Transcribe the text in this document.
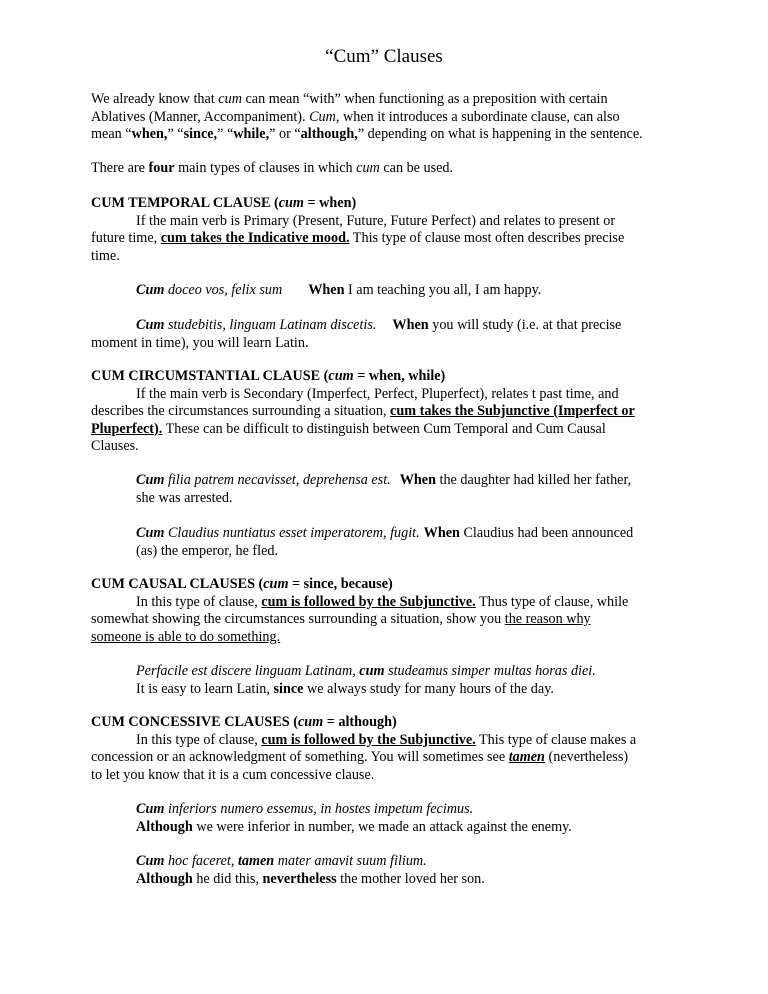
“Cum” Clauses
We already know that cum can mean “with” when functioning as a preposition with certain
Ablatives (Manner, Accompaniment). Cum, when it introduces a subordinate clause, can also
mean “when,” “since,” “while,” or “although,” depending on what is happening in the sentence.
There are four main types of clauses in which cum can be used.
CUM TEMPORAL CLAUSE (cum = when)
If the main verb is Primary (Present, Future, Future Perfect) and relates to present or
future time, cum takes the Indicative mood. This type of clause most often describes precise
time.
Cum doceo vos, felix sum When I am teaching you all, I am happy.
Cum studebitis, linguam Latinam discetis. When you will study (i.e. at that precise
moment in time), you will learn Latin.
CUM CIRCUMSTANTIAL CLAUSE (cum = when, while)
If the main verb is Secondary (Imperfect, Perfect, Pluperfect), relates t past time, and
describes the circumstances surrounding a situation, cum takes the Subjunctive (Imperfect or
Pluperfect). These can be difficult to distinguish between Cum Temporal and Cum Causal
Clauses.
Cum filia patrem necavisset, deprehensa est. When the daughter had killed her father,
she was arrested.
Cum Claudius nuntiatus esset imperatorem, fugit. When Claudius had been announced
(as) the emperor, he fled.
CUM CAUSAL CLAUSES (cum = since, because)
In this type of clause, cum is followed by the Subjunctive. Thus type of clause, while
somewhat showing the circumstances surrounding a situation, show you the reason why
someone is able to do something.
Perfacile est discere linguam Latinam, cum studeamus simper multas horas diei.
It is easy to learn Latin, since we always study for many hours of the day.
CUM CONCESSIVE CLAUSES (cum = although)
In this type of clause, cum is followed by the Subjunctive. This type of clause makes a
concession or an acknowledgment of something. You will sometimes see tamen (nevertheless)
to let you know that it is a cum concessive clause.
Cum inferiors numero essemus, in hostes impetum fecimus.
Although we were inferior in number, we made an attack against the enemy.
Cum hoc faceret, tamen mater amavit suum filium.
Although he did this, nevertheless the mother loved her son.
